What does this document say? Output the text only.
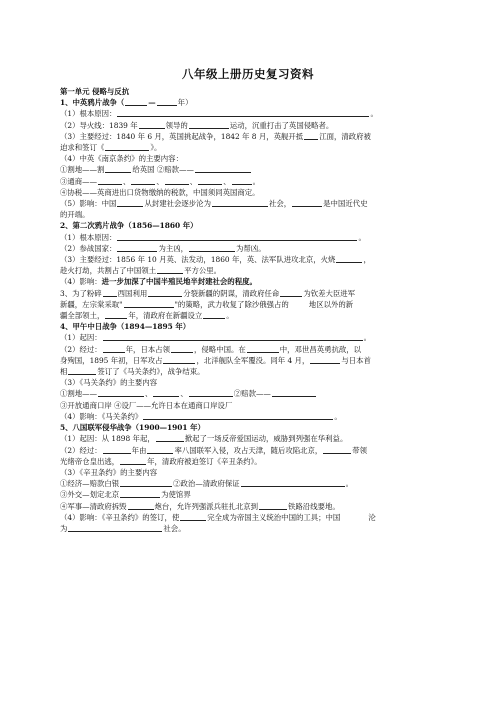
八年级上册历史复习资料
第一单元 侵略与反抗
1、中英鸦片战争（	—	年）
（1）根本原因：	。
（2）导火线：1839 年	领导的	运动，沉重打击了英国侵略者。
（3）主要经过：1840 年 6 月，英国挑起战争，1842 年 8 月，英舰开抵 江面，清政府被
迫求和签订《	》。
（4）中英《南京条约》的主要内容：
①割地——割	给英国 ②赔款——
③通商——	、	、	、	、	。
④协税——英商进出口货物缴纳的税款，中国须同英国商定。
（5）影响：中国	从封建社会逐步沦为	社会，	是中国近代史
的开端。
2、第二次鸦片战争（1856—1860 年）
（1）根本原因：	。
（2）参战国家：	为主凶，	为帮凶。
（3）主要经过：1856 年 10 月英、法发动，1860 年，英、法军队进攻北京，火烧	，
趁火打劫，共割占了中国领土	平方公里。
（4）影响：进一步加深了中国半殖民地半封建社会的程度。
3、为了粉碎 西国利用	分裂新疆的阴谋，清政府任命	为钦差大臣进军
新疆，左宗棠采取"	"的策略，武力收复了除沙俄强占的	地区以外的新
疆全部领土，	年，清政府在新疆设立	。
4、甲午中日战争（1894—1895 年）
（1）起因：	。
（2）经过：	年，日本占领	，侵略中国。在	中，邓世昌英勇抗敌，以
身殉国，1895 年初，日军攻占	，北洋舰队全军覆没。同年 4 月，	与日本首
相	签订了《马关条约》，战争结束。
（3）《马关条约》的主要内容
①割地——	、	、	②赔款——
③开放通商口岸 ④设厂——允许日本在通商口岸设厂
（4）影响：《马关条约》	。
5、八国联军侵华战争（1900—1901 年）
（1）起因：从 1898 年起，	掀起了一场反帝爱国运动，威胁到列强在华利益。
（2）经过：	年由	率八国联军入侵，攻占天津，随后攻陷北京，	带领
光绪帝仓皇出逃，	年，清政府被迫签订《辛丑条约》。
（3）《辛丑条约》的主要内容
①经济—赔款白银	②政治—清政府保证	。
③外交—划定北京	为使馆界
④军事—清政府拆毁	炮台，允许列强派兵驻扎北京到	铁路沿线要地。
（4）影响：《辛丑条约》的签订，使	完全成为帝国主义统治中国的工具；中国	沦
为	社会。
